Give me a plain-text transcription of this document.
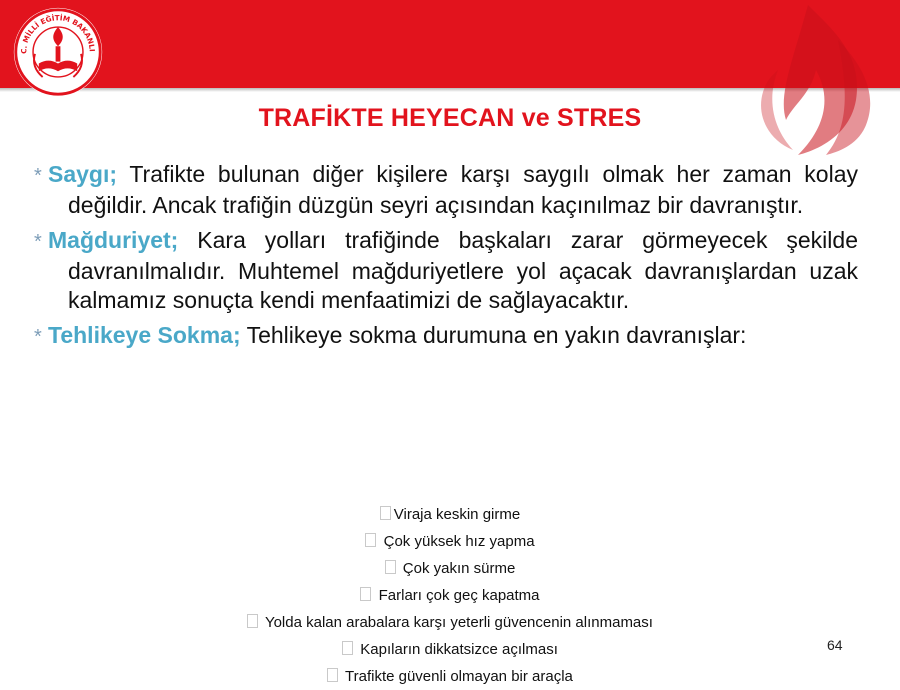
C. MİLLİ EĞİTİM BAKANLI
TRAFİKTE HEYECAN ve STRES

* Saygı; Trafikte bulunan diğer kişilere karşı saygılı olmak her zaman kolay değildir. Ancak trafiğin düzgün seyri açısından kaçınılmaz bir davranıştır.

* Mağduriyet; Kara yolları trafiğinde başkaları zarar görmeyecek şekilde davranılmalıdır. Muhtemel mağduriyetlere yol açacak davranışlardan uzak kalmamız sonuçta kendi menfaatimizi de sağlayacaktır.

* Tehlikeye Sokma; Tehlikeye sokma durumuna en yakın davranışlar:

Viraja keskin girme
Çok yüksek hız yapma
Çok yakın sürme
Farları çok geç kapatma
Yolda kalan arabalara karşı yeterli güvencenin alınmaması
Kapıların dikkatsizce açılması
Trafikte güvenli olmayan bir araçla
64
